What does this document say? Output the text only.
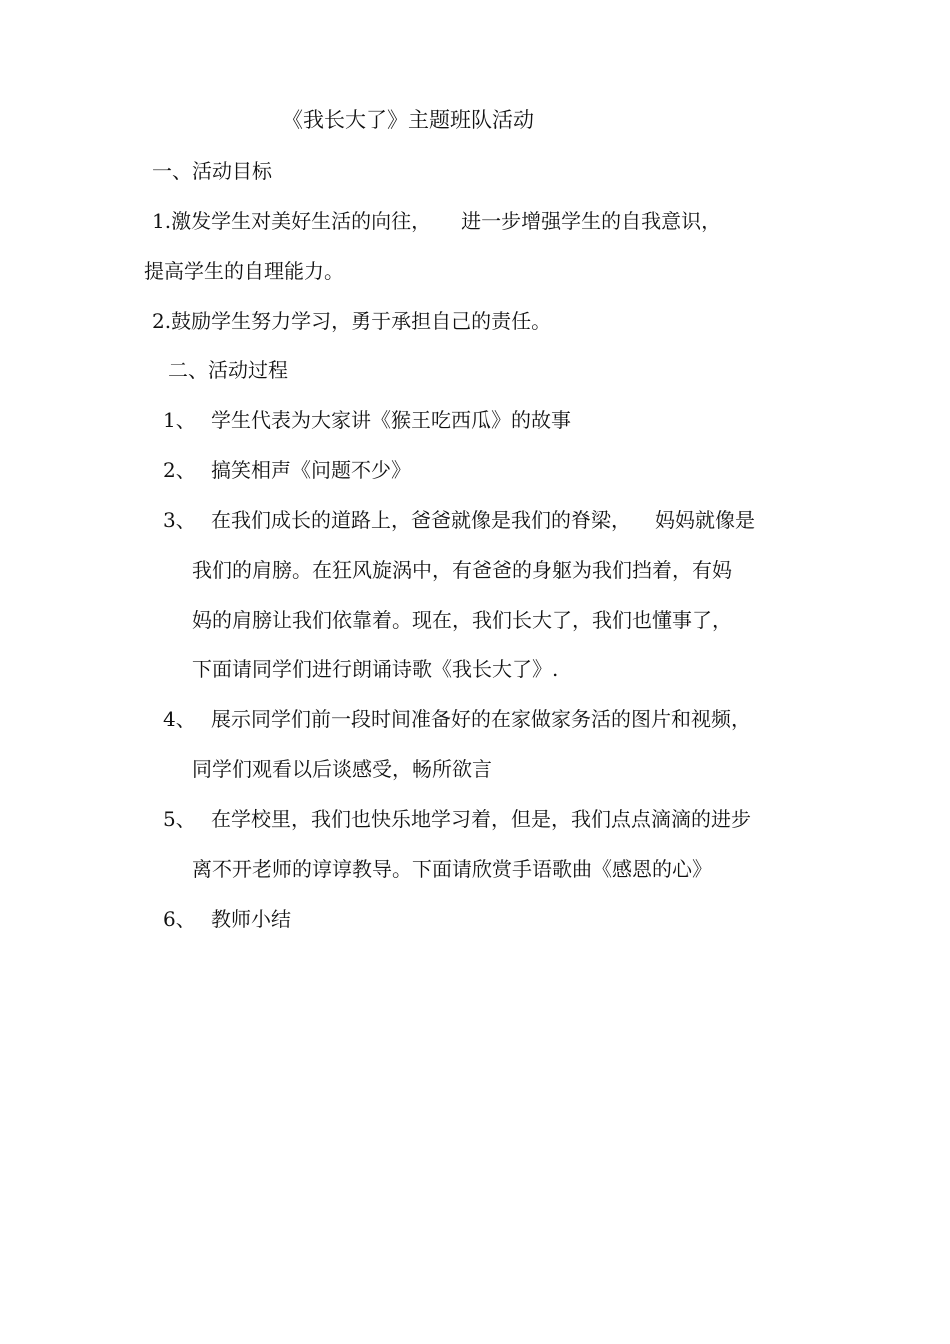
《我长大了》主题班队活动
一、活动目标
1.激发学生对美好生活的向往， 进一步增强学生的自我意识，
提高学生的自理能力。
2.鼓励学生努力学习，勇于承担自己的责任。
二、活动过程
1、 学生代表为大家讲《猴王吃西瓜》的故事
2、 搞笑相声《问题不少》
3、 在我们成长的道路上，爸爸就像是我们的脊梁， 妈妈就像是
我们的肩膀。在狂风旋涡中，有爸爸的身躯为我们挡着，有妈
妈的肩膀让我们依靠着。现在，我们长大了，我们也懂事了，
下面请同学们进行朗诵诗歌《我长大了》.
4、 展示同学们前一段时间准备好的在家做家务活的图片和视频，
同学们观看以后谈感受，畅所欲言
5、 在学校里，我们也快乐地学习着，但是，我们点点滴滴的进步
离不开老师的谆谆教导。下面请欣赏手语歌曲《感恩的心》
6、 教师小结
